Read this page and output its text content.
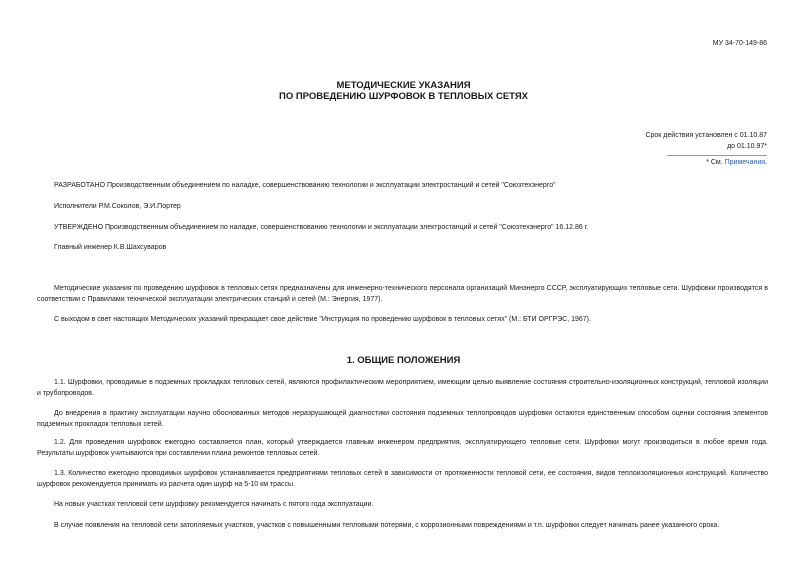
МУ 34-70-149-86
МЕТОДИЧЕСКИЕ УКАЗАНИЯ
ПО ПРОВЕДЕНИЮ ШУРФОВОК В ТЕПЛОВЫХ СЕТЯХ
Срок действия установлен с 01.10.87
до 01.10.97*
* См. Примечания.
РАЗРАБОТАНО Производственным объединением по наладке, совершенствованию технологии и эксплуатации электростанций и сетей "Союзтехэнерго"
Исполнители Р.М.Соколов, Э.И.Портер
УТВЕРЖДЕНО Производственным объединением по наладке, совершенствованию технологии и эксплуатации электростанций и сетей "Союзтехэнерго" 16.12.86 г.
Главный инженер К.В.Шахсуваров
Методические указания по проведению шурфовок в тепловых сетях предназначены для инженерно-технического персонала организаций Минэнерго СССР, эксплуатирующих тепловые сети. Шурфовки производятся в соответствии с Правилами технической эксплуатации электрических станций и сетей (М.: Энергия, 1977).
С выходом в свет настоящих Методических указаний прекращает свое действие "Инструкция по проведению шурфовок в тепловых сетях" (М.: БТИ ОРГРЭС, 1967).
1. ОБЩИЕ ПОЛОЖЕНИЯ
1.1. Шурфовки, проводимые в подземных прокладках тепловых сетей, являются профилактическим мероприятием, имеющим целью выявление состояния строительно-изоляционных конструкций, тепловой изоляции и трубопроводов.
До внедрения в практику эксплуатации научно обоснованных методов неразрушающей диагностики состояния подземных теплопроводов шурфовки остаются единственным способом оценки состояния элементов подземных прокладок тепловых сетей.
1.2. Для проведения шурфовок ежегодно составляется план, который утверждается главным инженером предприятия, эксплуатирующего тепловые сети. Шурфовки могут производиться в любое время года. Результаты шурфовок учитываются при составлении плана ремонтов тепловых сетей.
1.3. Количество ежегодно проводимых шурфовок устанавливается предприятиями тепловых сетей в зависимости от протяженности тепловой сети, ее состояния, видов теплоизоляционных конструкций. Количество шурфовок рекомендуется принимать из расчета один шурф на 5-10 км трассы.
На новых участках тепловой сети шурфовку рекомендуется начинать с пятого года эксплуатации.
В случае появления на тепловой сети затопляемых участков, участков с повышенными тепловыми потерями, с коррозионными повреждениями и т.п. шурфовки следует начинать ранее указанного срока.
